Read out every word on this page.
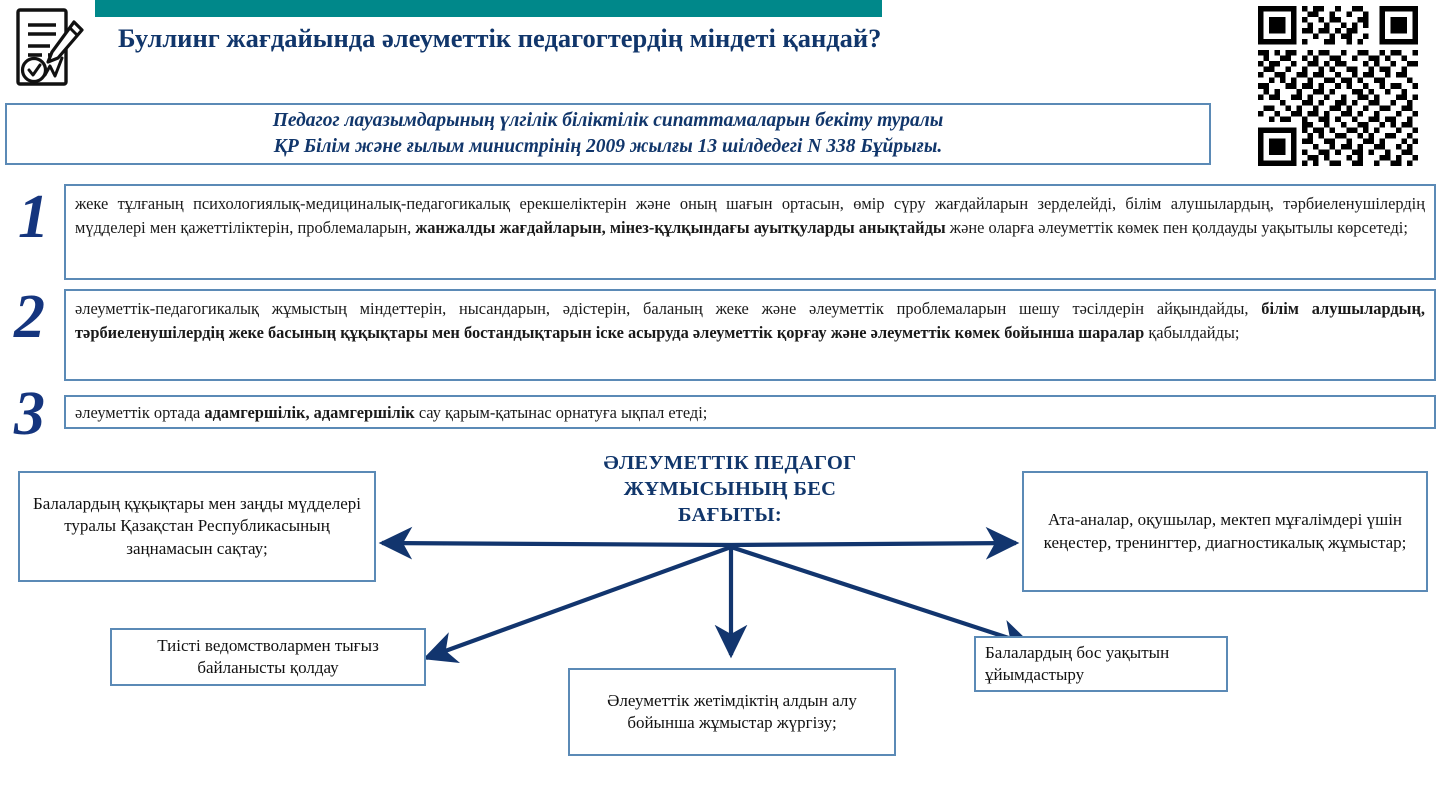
Буллинг жағдайында әлеуметтік педагогтердің міндеті қандай?
Педагог лауазымдарының үлгілік біліктілік сипаттамаларын бекіту туралы
ҚР Білім және ғылым министрінің 2009 жылғы 13 шілдедегі N 338 Бұйрығы.
1 жеке тұлғаның психологиялық-медициналық-педагогикалық ерекшеліктерін және оның шағын ортасын, өмір сүру жағдайларын зерделейді, білім алушылардың, тәрбиеленушілердің мүдделері мен қажеттіліктерін, проблемаларын, жанжалды жағдайларын, мінез-құлқындағы ауытқуларды анықтайды және оларға әлеуметтік көмек пен қолдауды уақытылы көрсетеді;
2 әлеуметтік-педагогикалық жұмыстың міндеттерін, нысандарын, әдістерін, баланың жеке және әлеуметтік проблемаларын шешу тәсілдерін айқындайды, білім алушылардың, тәрбиеленушілердің жеке басының құқықтары мен бостандықтарын іске асыруда әлеуметтік қорғау және әлеуметтік көмек бойынша шаралар қабылдайды;
3 әлеуметтік ортада адамгершілік, адамгершілік сау қарым-қатынас орнатуға ықпал етеді;
ӘЛЕУМЕТТІК ПЕДАГОГ
ЖҰМЫСЫНЫҢ БЕС
БАҒЫТЫ:
Балалардың құқықтары мен заңды мүдделері туралы Қазақстан Республикасының заңнамасын сақтау;
Ата-аналар, оқушылар, мектеп мұғалімдері үшін кеңестер, тренингтер, диагностикалық жұмыстар;
Тиісті ведомстволармен тығыз байланысты қолдау
Әлеуметтік жетімдіктің алдын алу бойынша жұмыстар жүргізу;
Балалардың бос уақытын ұйымдастыру
